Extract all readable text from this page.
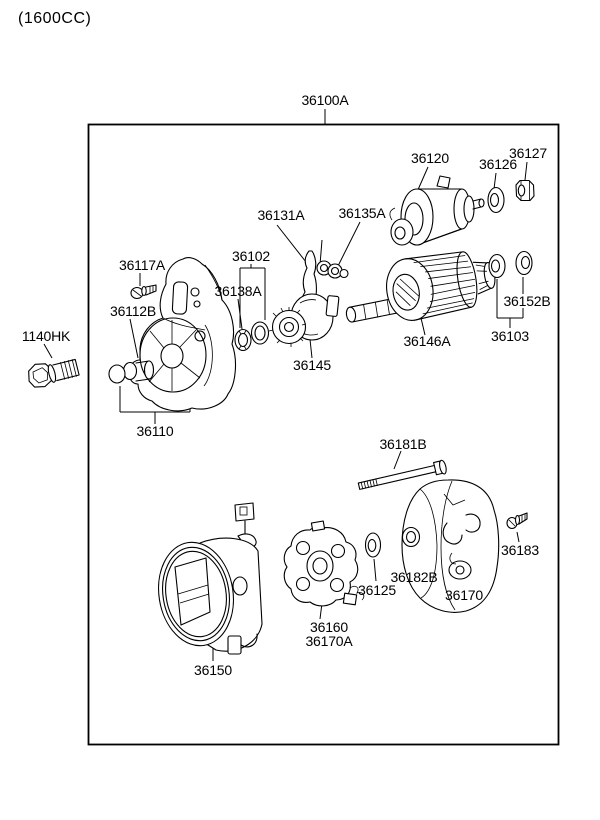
(1600CC)
36100A
36120 36126
36127
36131A 36135A
36102
36138A
36117A
36112B
1140HK
36110
36145
36146A
36152B
36103
36181B
36182B
36125
36160
36170A
36170
36183
36150
